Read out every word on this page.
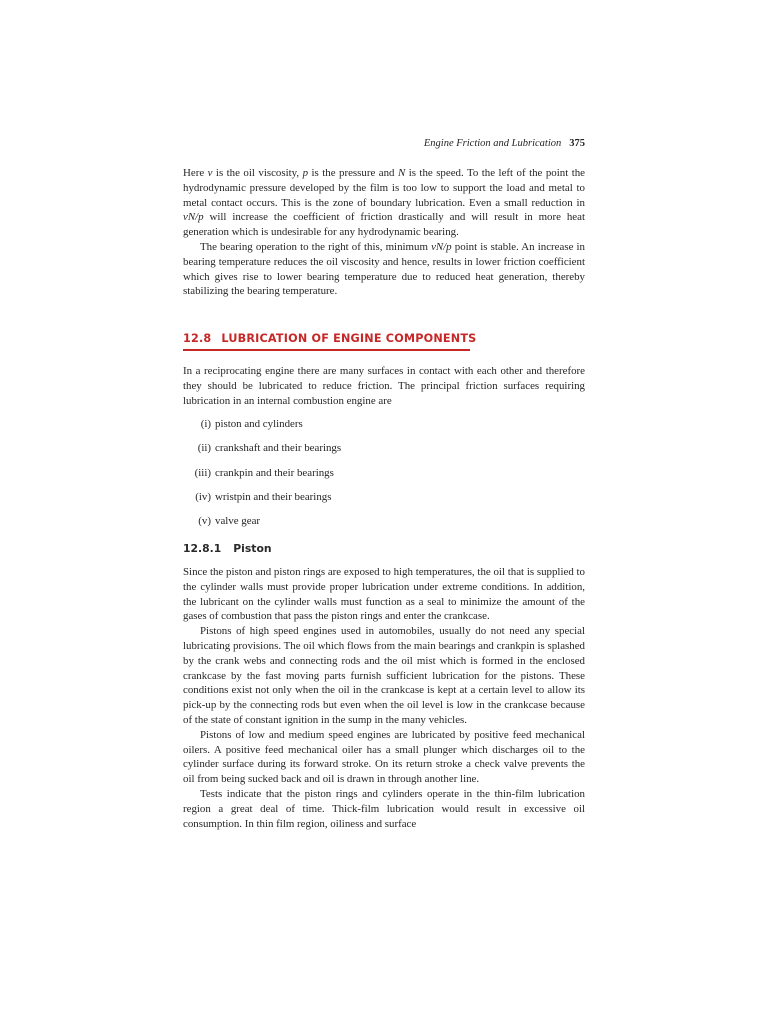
Engine Friction and Lubrication 375

Here ν is the oil viscosity, p is the pressure and N is the speed. To the left of the point the hydrodynamic pressure developed by the film is too low to support the load and metal to metal contact occurs. This is the zone of boundary lubrication. Even a small reduction in νN/p will increase the coefficient of friction drastically and will result in more heat generation which is undesirable for any hydrodynamic bearing.

The bearing operation to the right of this, minimum νN/p point is stable. An increase in bearing temperature reduces the oil viscosity and hence, results in lower friction coefficient which gives rise to lower bearing temperature due to reduced heat generation, thereby stabilizing the bearing temperature.

12.8 LUBRICATION OF ENGINE COMPONENTS

In a reciprocating engine there are many surfaces in contact with each other and therefore they should be lubricated to reduce friction. The principal friction surfaces requiring lubrication in an internal combustion engine are

(i) piston and cylinders
(ii) crankshaft and their bearings
(iii) crankpin and their bearings
(iv) wristpin and their bearings
(v) valve gear
12.8.1 Piston

Since the piston and piston rings are exposed to high temperatures, the oil that is supplied to the cylinder walls must provide proper lubrication under extreme conditions. In addition, the lubricant on the cylinder walls must function as a seal to minimize the amount of the gases of combustion that pass the piston rings and enter the crankcase.

Pistons of high speed engines used in automobiles, usually do not need any special lubricating provisions. The oil which flows from the main bearings and crankpin is splashed by the crank webs and connecting rods and the oil mist which is formed in the enclosed crankcase by the fast moving parts furnish sufficient lubrication for the pistons. These conditions exist not only when the oil in the crankcase is kept at a certain level to allow its pick-up by the connecting rods but even when the oil level is low in the crankcase because of the state of constant ignition in the sump in the many vehicles.

Pistons of low and medium speed engines are lubricated by positive feed mechanical oilers. A positive feed mechanical oiler has a small plunger which discharges oil to the cylinder surface during its forward stroke. On its return stroke a check valve prevents the oil from being sucked back and oil is drawn in through another line.

Tests indicate that the piston rings and cylinders operate in the thin-film lubrication region a great deal of time. Thick-film lubrication would result in excessive oil consumption. In thin film region, oiliness and surface
